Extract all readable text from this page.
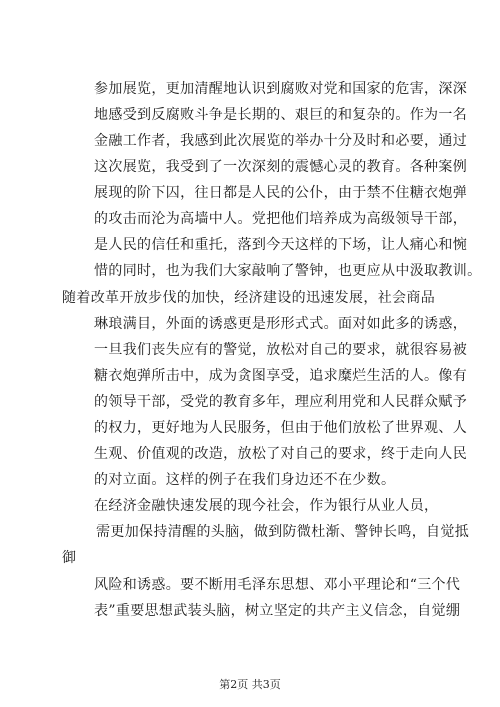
参加展览，更加清醒地认识到腐败对党和国家的危害，深深
地感受到反腐败斗争是长期的、艰巨的和复杂的。作为一名
金融工作者，我感到此次展览的举办十分及时和必要，通过
这次展览，我受到了一次深刻的震憾心灵的教育。各种案例
展现的阶下囚，往日都是人民的公仆，由于禁不住糖衣炮弹
的攻击而沦为高墙中人。党把他们培养成为高级领导干部，
是人民的信任和重托，落到今天这样的下场，让人痛心和惋
惜的同时，也为我们大家敲响了警钟，也更应从中汲取教训。
随着改革开放步伐的加快，经济建设的迅速发展，社会商品
琳琅满目，外面的诱惑更是形形式式。面对如此多的诱惑，
一旦我们丧失应有的警觉，放松对自己的要求，就很容易被
糖衣炮弹所击中，成为贪图享受，追求糜烂生活的人。像有
的领导干部，受党的教育多年，理应利用党和人民群众赋予
的权力，更好地为人民服务，但由于他们放松了世界观、人
生观、价值观的改造，放松了对自己的要求，终于走向人民
的对立面。这样的例子在我们身边还不在少数。
在经济金融快速发展的现今社会，作为银行从业人员，
需更加保持清醒的头脑，做到防微杜渐、警钟长鸣，自觉抵
御
风险和诱惑。要不断用毛泽东思想、邓小平理论和“三个代
表”重要思想武装头脑，树立坚定的共产主义信念，自觉绷
第2页 共3页
